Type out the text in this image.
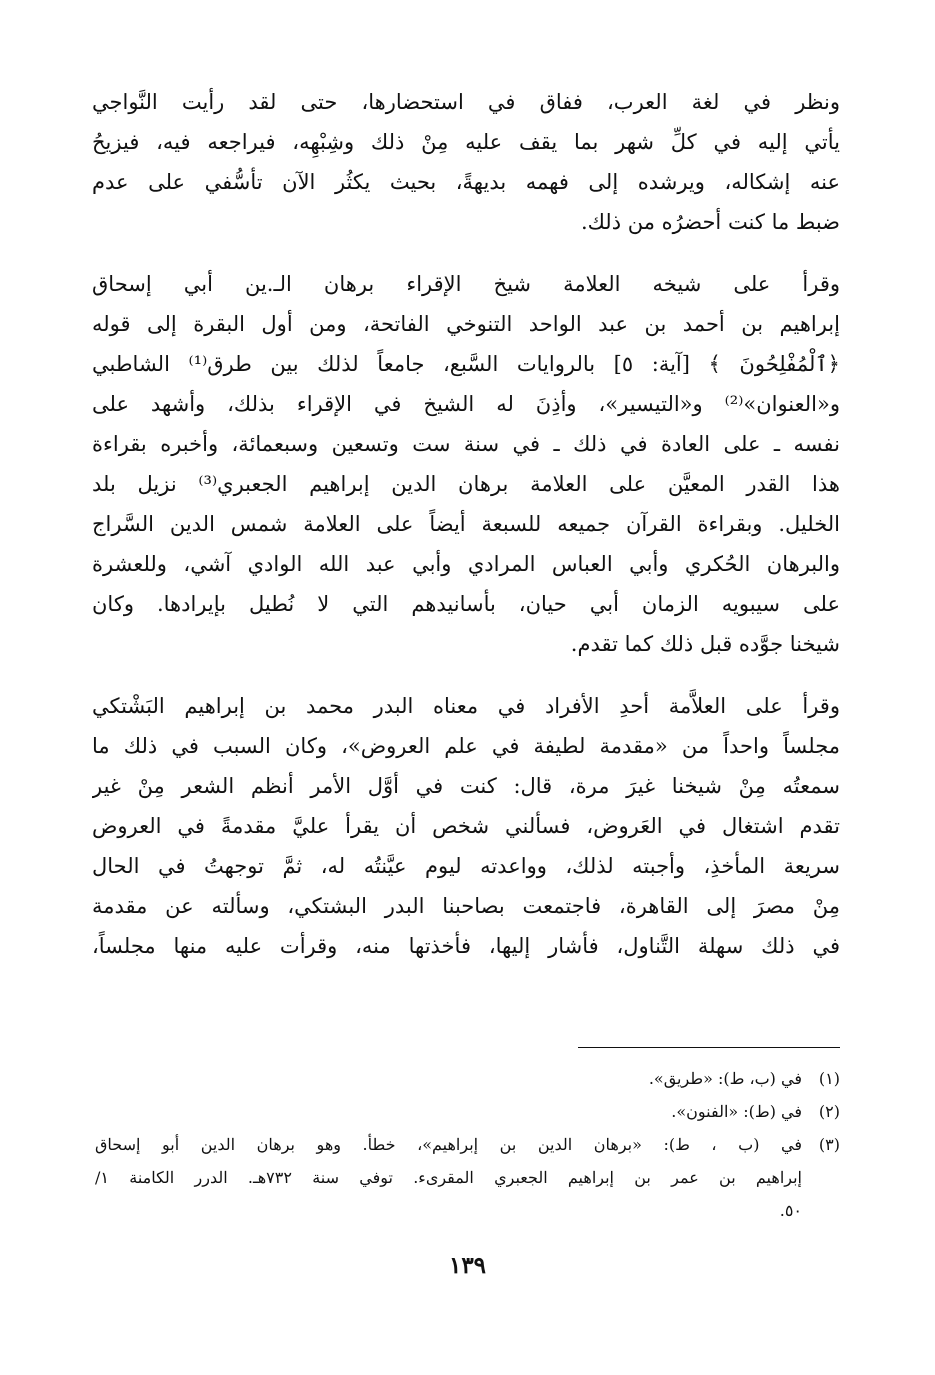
ونظر في لغة العرب، ففاق في استحضارها، حتى لقد رأيت النَّواجي
يأتي إليه في كلِّ شهر بما يقف عليه مِنْ ذلك وشِبْهِه، فيراجعه فيه، فيزيحُ
عنه إشكاله، ويرشده إلى فهمه بديهةً، بحيث يكثُر الآن تأسُّفي على عدم
ضبط ما كنت أحضرُه من ذلك.
وقرأ على شيخه العلامة شيخ الإقراء برهان الـ.ين أبي إسحاق
إبراهيم بن أحمد بن عبد الواحد التنوخي الفاتحة، ومن أول البقرة إلى قوله
﴿ٱلْمُفْلِحُونَ ﴾ [آية: ٥] بالروايات السَّبع، جامعاً لذلك بين طرق⁽¹⁾ الشاطبي
و«العنوان»⁽²⁾ و«التيسير»، وأذِنَ له الشيخ في الإقراء بذلك، وأشهد على
نفسه ـ على العادة في ذلك ـ في سنة ست وتسعين وسبعمائة، وأخبره بقراءة
هذا القدر المعيَّن على العلامة برهان الدين إبراهيم الجعبري⁽³⁾ نزيل بلد
الخليل. وبقراءة القرآن جميعه للسبعة أيضاً على العلامة شمس الدين السَّراج
والبرهان الحُكري وأبي العباس المرادي وأبي عبد الله الوادي آشي، وللعشرة
على سيبويه الزمان أبي حيان، بأسانيدهم التي لا نُطيل بإيرادها. وكان
شيخنا جوَّده قبل ذلك كما تقدم.
وقرأ على العلاَّمة أحدِ الأفراد في معناه البدر محمد بن إبراهيم البَشْتكي
مجلساً واحداً من «مقدمة لطيفة في علم العروض»، وكان السبب في ذلك ما
سمعتُه مِنْ شيخنا غيرَ مرة، قال: كنت في أوَّل الأمر أنظم الشعر مِنْ غير
تقدم اشتغال في العَروض، فسألني شخص أن يقرأ عليَّ مقدمةً في العروض
سريعة المأخذِ، وأجبته لذلك، وواعدته ليوم عيَّنتُه له، ثمَّ توجهتُ في الحال
مِنْ مصرَ إلى القاهرة، فاجتمعت بصاحبنا البدر البشتكي، وسألته عن مقدمة
في ذلك سهلة التَّناول، فأشار إليها، فأخذتها منه، وقرأت عليه منها مجلساً،
(١)
في (ب، ط): «طريق».
(٢)
في (ط): «الفنون».
(٣)
في (ب ، ط): «برهان الدين بن إبراهيم»، خطأ. وهو برهان الدين أبو إسحاق
إبراهيم بن عمر بن إبراهيم الجعبري المقرىء. توفي سنة ٧٣٢هـ. الدرر الكامنة ١/
٥٠.
١٣٩
